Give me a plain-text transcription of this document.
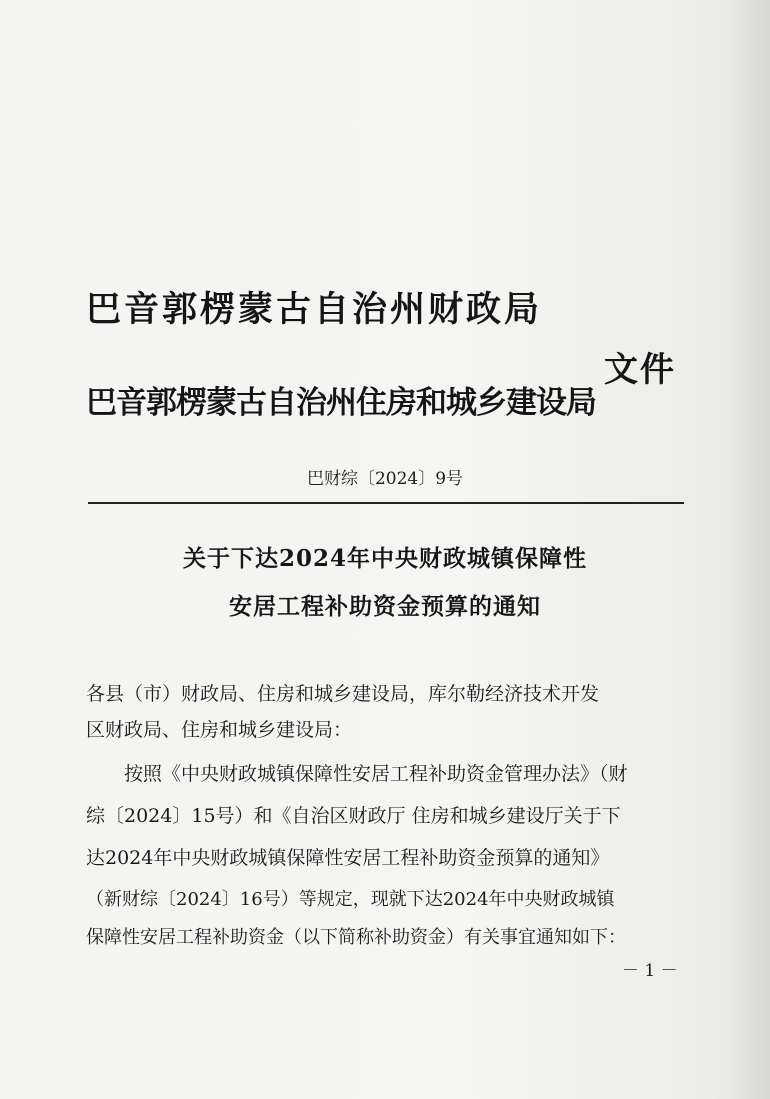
巴音郭楞蒙古自治州财政局
巴音郭楞蒙古自治州住房和城乡建设局
文件
巴财综〔2024〕9号
关于下达2024年中央财政城镇保障性
安居工程补助资金预算的通知
各县（市）财政局、住房和城乡建设局，库尔勒经济技术开发
区财政局、住房和城乡建设局：
按照《中央财政城镇保障性安居工程补助资金管理办法》（财
综〔2024〕15号）和《自治区财政厅 住房和城乡建设厅关于下
达2024年中央财政城镇保障性安居工程补助资金预算的通知》
（新财综〔2024〕16号）等规定，现就下达2024年中央财政城镇
保障性安居工程补助资金（以下简称补助资金）有关事宜通知如下：
－ 1 －
